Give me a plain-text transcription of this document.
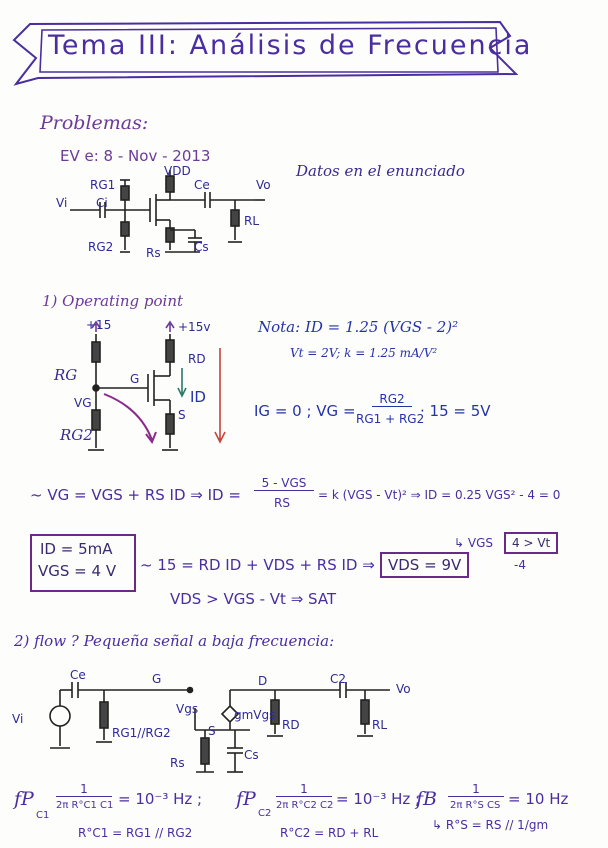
Tema III: Análisis de Frecuencia
Problemas:
EV e: 8 - Nov - 2013
Datos en el enunciado
VDD
RG1	Ce	Vo
Vi Ci
RL
RG2	Rs	Cs
1) Operating point
+15	+15v
RG
RD
G
VG	ID
S
RG2
Nota: ID = 1.25 (VGS - 2)²
Vt = 2V; k = 1.25 mA/V²
IG = 0 ; VG =
RG2
RG1 + RG2
· 15 = 5V
~ VG = VGS + RS ID ⇒ ID =
5 - VGS
RS
= k (VGS - Vt)² ⇒ ID = 0.25 VGS² - 4 = 0
ID = 5mA
VGS = 4 V ~ 15 = RD ID + VDS + RS ID ⇒ VDS = 9V
↳ VGS	4 > Vt
-4
VDS > VGS - Vt ⇒ SAT
2) flow ? Pequeña señal a baja frecuencia:
Ce	G	D	C2
Vo
Vi
RG1//RG2
Vgs	gmVgs
RD	RL
S
Rs
Cs
fP
C1
1
2π R°C1 C1 = 10⁻³ Hz ; fP
C2
1
2π R°C2 C2 = 10⁻³ Hz ;
fB	1
2π R°S CS = 10 Hz
R°C1 = RG1 // RG2	R°C2 = RD + RL
↳ R°S = RS // 1/gm
